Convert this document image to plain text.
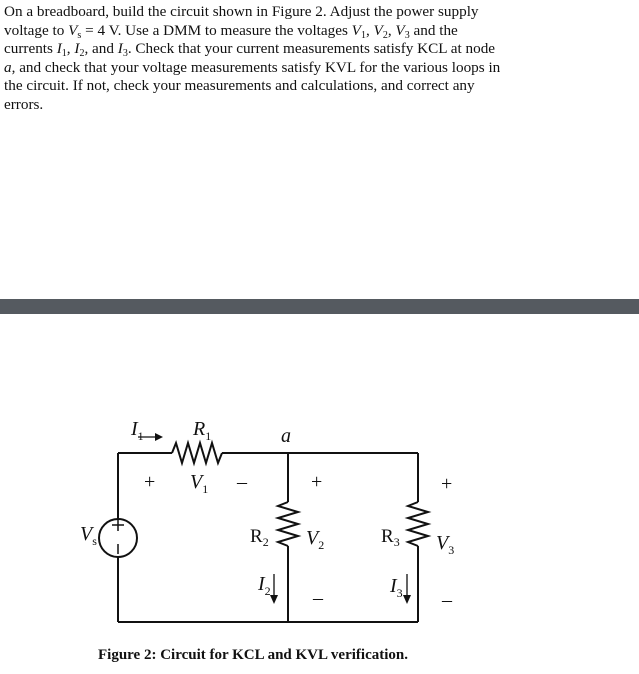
On a breadboard, build the circuit shown in Figure 2. Adjust the power supply
voltage to $V_s = 4$ V. Use a DMM to measure the voltages $V_1$, $V_2$, $V_3$ and the
currents $I_1$, $I_2$, and $I_3$. Check that your current measurements satisfy KCL at node
a, and check that your voltage measurements satisfy KVL for the various loops in
the circuit. If not, check your measurements and calculations, and correct any
errors.
$I_1$ $R_1$	a
+ $V_1$ –
$V_s$
+
$R_2$ $V_2$
$I_2$ –
+
$R_3$ $V_3$
$I_3$ –
Figure 2: Circuit for KCL and KVL verification.
